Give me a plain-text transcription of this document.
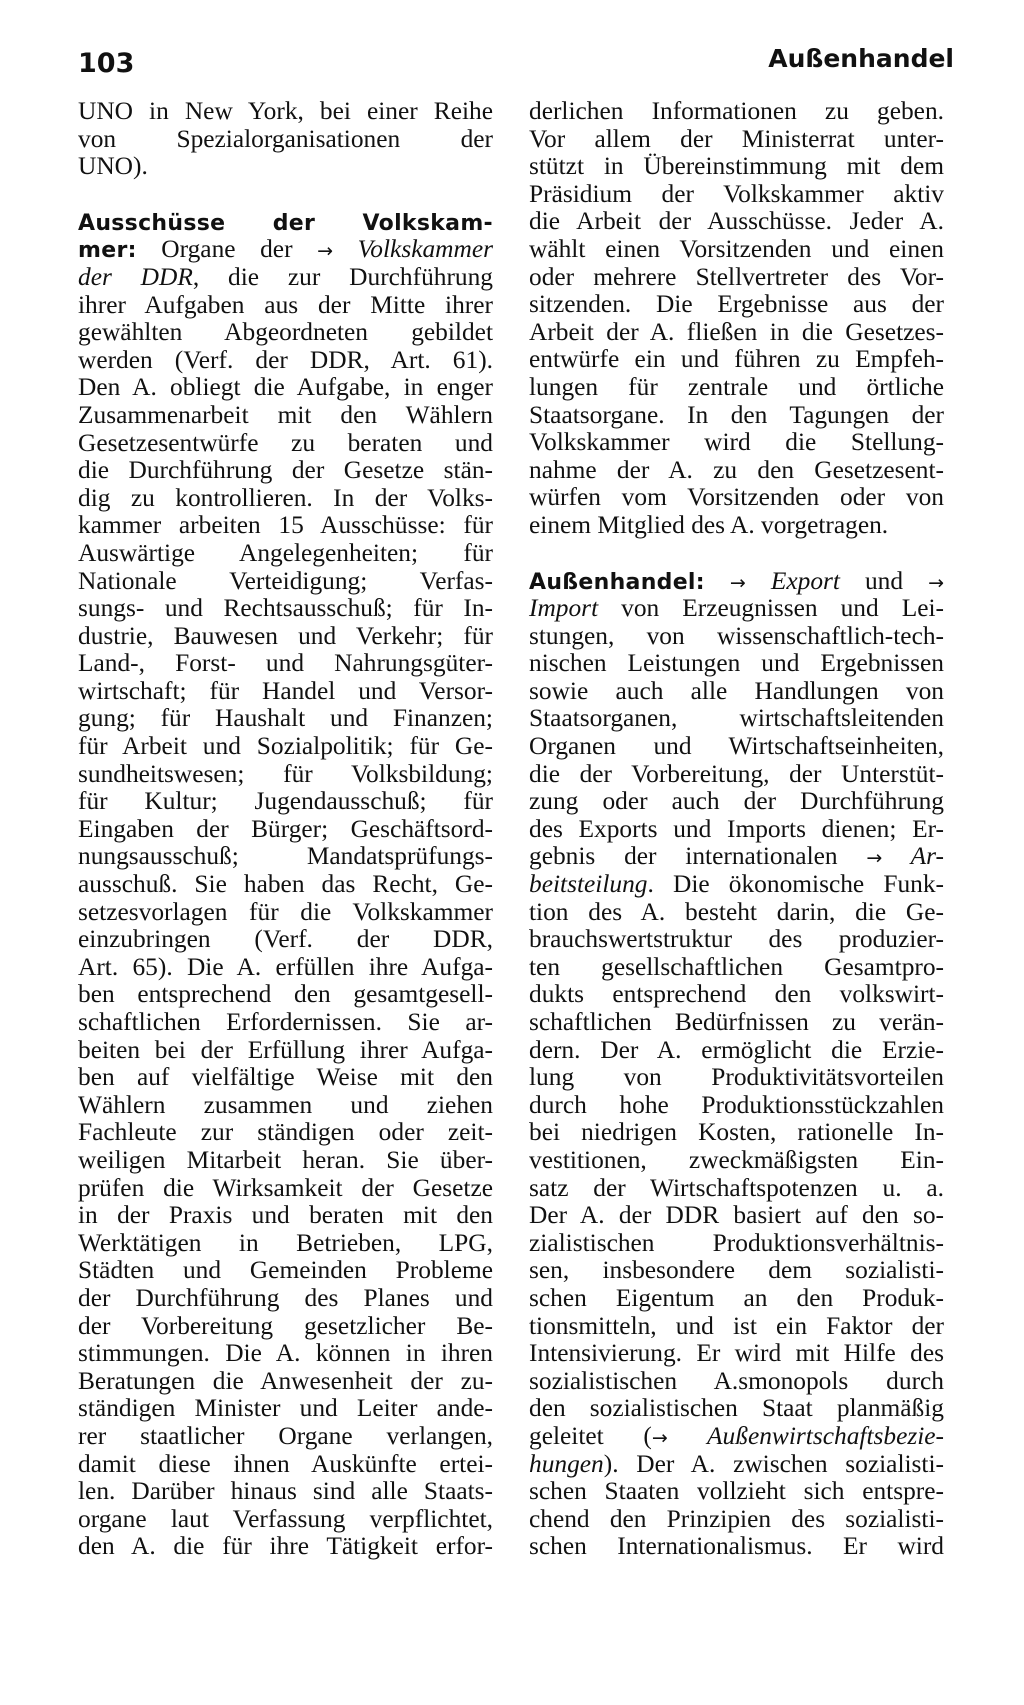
103	Außenhandel
UNO in New York, bei einer Reihe
von Spezialorganisationen der
UNO).
Ausschüsse der Volkskam-
mer: Organe der → Volkskammer
der DDR, die zur Durchführung
ihrer Aufgaben aus der Mitte ihrer
gewählten Abgeordneten gebildet
werden (Verf. der DDR, Art. 61).
Den A. obliegt die Aufgabe, in enger
Zusammenarbeit mit den Wählern
Gesetzesentwürfe zu beraten und
die Durchführung der Gesetze stän-
dig zu kontrollieren. In der Volks-
kammer arbeiten 15 Ausschüsse: für
Auswärtige Angelegenheiten; für
Nationale Verteidigung; Verfas-
sungs- und Rechtsausschuß; für In-
dustrie, Bauwesen und Verkehr; für
Land-, Forst- und Nahrungsgüter-
wirtschaft; für Handel und Versor-
gung; für Haushalt und Finanzen;
für Arbeit und Sozialpolitik; für Ge-
sundheitswesen; für Volksbildung;
für Kultur; Jugendausschuß; für
Eingaben der Bürger; Geschäftsord-
nungsausschuß; Mandatsprüfungs-
ausschuß. Sie haben das Recht, Ge-
setzesvorlagen für die Volkskammer
einzubringen (Verf. der DDR,
Art. 65). Die A. erfüllen ihre Aufga-
ben entsprechend den gesamtgesell-
schaftlichen Erfordernissen. Sie ar-
beiten bei der Erfüllung ihrer Aufga-
ben auf vielfältige Weise mit den
Wählern zusammen und ziehen
Fachleute zur ständigen oder zeit-
weiligen Mitarbeit heran. Sie über-
prüfen die Wirksamkeit der Gesetze
in der Praxis und beraten mit den
Werktätigen in Betrieben, LPG,
Städten und Gemeinden Probleme
der Durchführung des Planes und
der Vorbereitung gesetzlicher Be-
stimmungen. Die A. können in ihren
Beratungen die Anwesenheit der zu-
ständigen Minister und Leiter ande-
rer staatlicher Organe verlangen,
damit diese ihnen Auskünfte ertei-
len. Darüber hinaus sind alle Staats-
organe laut Verfassung verpflichtet,
den A. die für ihre Tätigkeit erfor-
derlichen Informationen zu geben.
Vor allem der Ministerrat unter-
stützt in Übereinstimmung mit dem
Präsidium der Volkskammer aktiv
die Arbeit der Ausschüsse. Jeder A.
wählt einen Vorsitzenden und einen
oder mehrere Stellvertreter des Vor-
sitzenden. Die Ergebnisse aus der
Arbeit der A. fließen in die Gesetzes-
entwürfe ein und führen zu Empfeh-
lungen für zentrale und örtliche
Staatsorgane. In den Tagungen der
Volkskammer wird die Stellung-
nahme der A. zu den Gesetzesent-
würfen vom Vorsitzenden oder von
einem Mitglied des A. vorgetragen.
Außenhandel: → Export und →
Import von Erzeugnissen und Lei-
stungen, von wissenschaftlich-tech-
nischen Leistungen und Ergebnissen
sowie auch alle Handlungen von
Staatsorganen, wirtschaftsleitenden
Organen und Wirtschaftseinheiten,
die der Vorbereitung, der Unterstüt-
zung oder auch der Durchführung
des Exports und Imports dienen; Er-
gebnis der internationalen → Ar-
beitsteilung. Die ökonomische Funk-
tion des A. besteht darin, die Ge-
brauchswertstruktur des produzier-
ten gesellschaftlichen Gesamtpro-
dukts entsprechend den volkswirt-
schaftlichen Bedürfnissen zu verän-
dern. Der A. ermöglicht die Erzie-
lung von Produktivitätsvorteilen
durch hohe Produktionsstückzahlen
bei niedrigen Kosten, rationelle In-
vestitionen, zweckmäßigsten Ein-
satz der Wirtschaftspotenzen u. a.
Der A. der DDR basiert auf den so-
zialistischen Produktionsverhältnis-
sen, insbesondere dem sozialisti-
schen Eigentum an den Produk-
tionsmitteln, und ist ein Faktor der
Intensivierung. Er wird mit Hilfe des
sozialistischen A.smonopols durch
den sozialistischen Staat planmäßig
geleitet (→ Außenwirtschaftsbezie-
hungen). Der A. zwischen sozialisti-
schen Staaten vollzieht sich entspre-
chend den Prinzipien des sozialisti-
schen Internationalismus. Er wird
